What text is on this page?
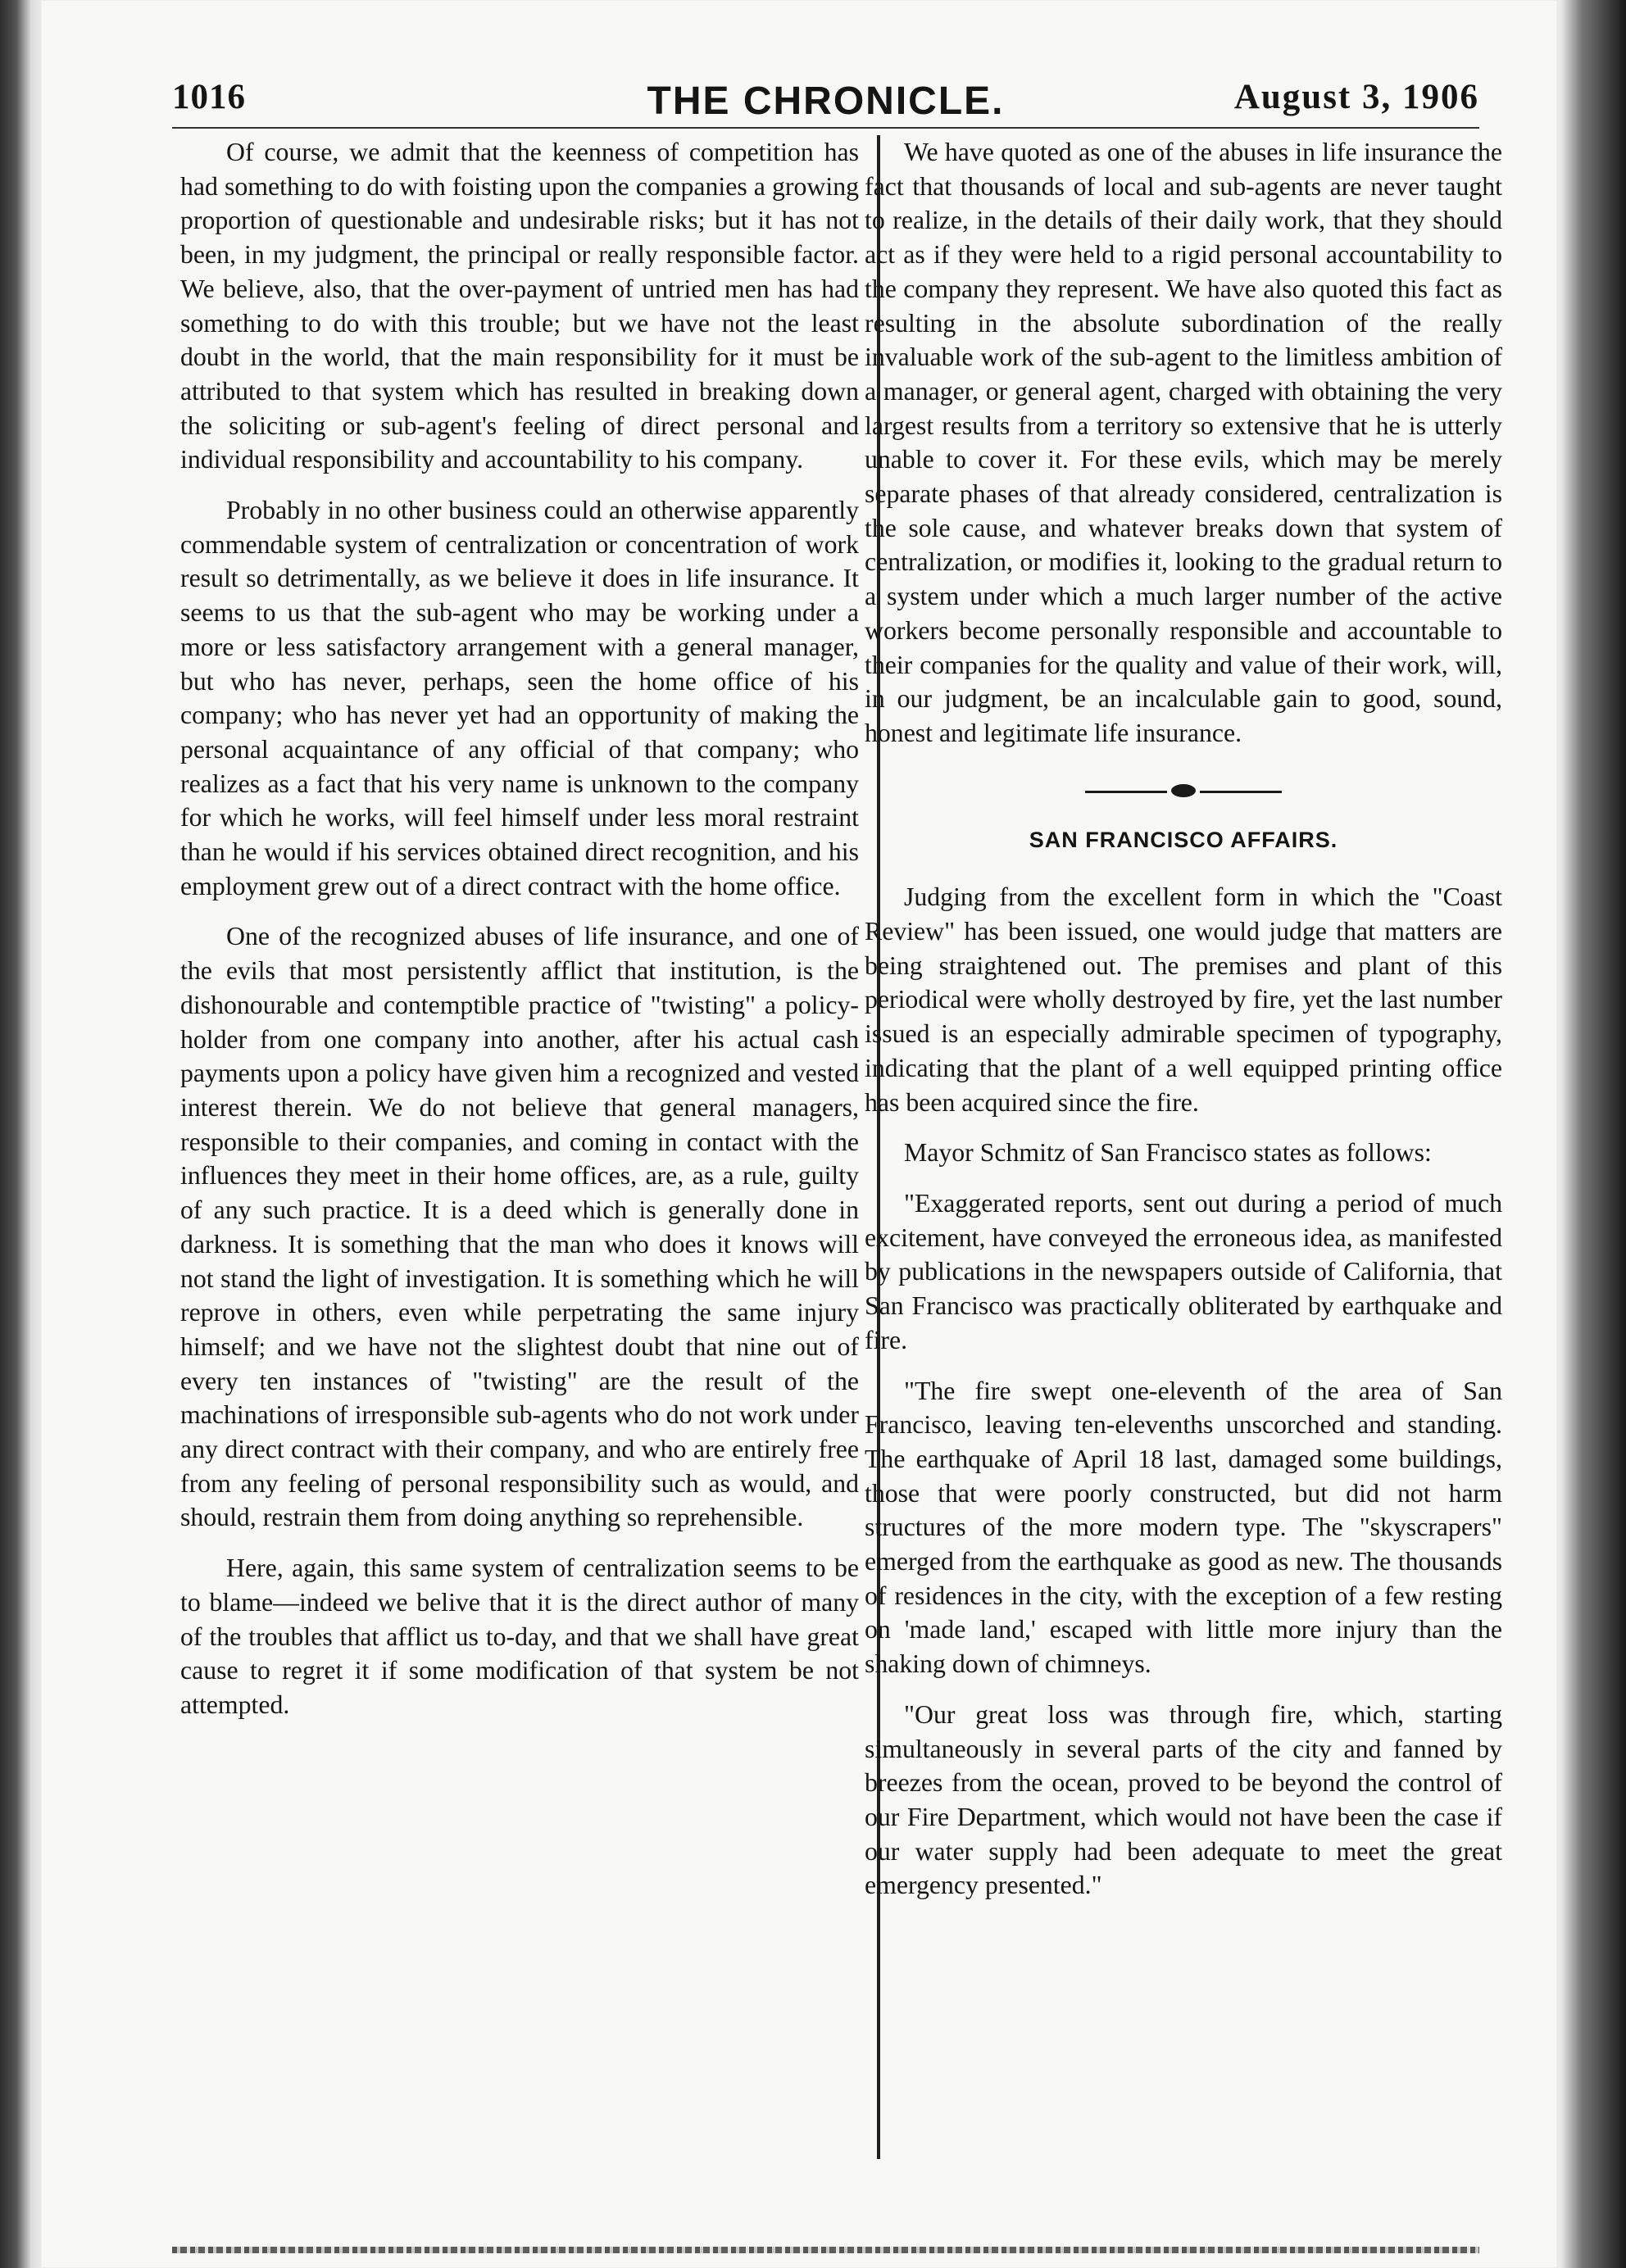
1016	THE CHRONICLE.	August 3, 1906

Of course, we admit that the keenness of competition has had something to do with foisting upon the companies a growing proportion of questionable and undesirable risks; but it has not been, in my judgment, the principal or really responsible factor. We believe, also, that the over-payment of untried men has had something to do with this trouble; but we have not the least doubt in the world, that the main responsibility for it must be attributed to that system which has resulted in breaking down the soliciting or sub-agent's feeling of direct personal and individual responsibility and accountability to his company.

Probably in no other business could an otherwise apparently commendable system of centralization or concentration of work result so detrimentally, as we believe it does in life insurance. It seems to us that the sub-agent who may be working under a more or less satisfactory arrangement with a general manager, but who has never, perhaps, seen the home office of his company; who has never yet had an opportunity of making the personal acquaintance of any official of that company; who realizes as a fact that his very name is unknown to the company for which he works, will feel himself under less moral restraint than he would if his services obtained direct recognition, and his employment grew out of a direct contract with the home office.

One of the recognized abuses of life insurance, and one of the evils that most persistently afflict that institution, is the dishonourable and contemptible practice of "twisting" a policy-holder from one company into another, after his actual cash payments upon a policy have given him a recognized and vested interest therein. We do not believe that general managers, responsible to their companies, and coming in contact with the influences they meet in their home offices, are, as a rule, guilty of any such practice. It is a deed which is generally done in darkness. It is something that the man who does it knows will not stand the light of investigation. It is something which he will reprove in others, even while perpetrating the same injury himself; and we have not the slightest doubt that nine out of every ten instances of "twisting" are the result of the machinations of irresponsible sub-agents who do not work under any direct contract with their company, and who are entirely free from any feeling of personal responsibility such as would, and should, restrain them from doing anything so reprehensible.

Here, again, this same system of centralization seems to be to blame—indeed we belive that it is the direct author of many of the troubles that afflict us to-day, and that we shall have great cause to regret it if some modification of that system be not attempted.

We have quoted as one of the abuses in life insurance the fact that thousands of local and sub-agents are never taught to realize, in the details of their daily work, that they should act as if they were held to a rigid personal accountability to the company they represent. We have also quoted this fact as resulting in the absolute subordination of the really invaluable work of the sub-agent to the limitless ambition of a manager, or general agent, charged with obtaining the very largest results from a territory so extensive that he is utterly unable to cover it. For these evils, which may be merely separate phases of that already considered, centralization is the sole cause, and whatever breaks down that system of centralization, or modifies it, looking to the gradual return to a system under which a much larger number of the active workers become personally responsible and accountable to their companies for the quality and value of their work, will, in our judgment, be an incalculable gain to good, sound, honest and legitimate life insurance.

SAN FRANCISCO AFFAIRS.

Judging from the excellent form in which the "Coast Review" has been issued, one would judge that matters are being straightened out. The premises and plant of this periodical were wholly destroyed by fire, yet the last number issued is an especially admirable specimen of typography, indicating that the plant of a well equipped printing office has been acquired since the fire.

Mayor Schmitz of San Francisco states as follows:

"Exaggerated reports, sent out during a period of much excitement, have conveyed the erroneous idea, as manifested by publications in the newspapers outside of California, that San Francisco was practically obliterated by earthquake and fire.

"The fire swept one-eleventh of the area of San Francisco, leaving ten-elevenths unscorched and standing. The earthquake of April 18 last, damaged some buildings, those that were poorly constructed, but did not harm structures of the more modern type. The "skyscrapers" emerged from the earthquake as good as new. The thousands of residences in the city, with the exception of a few resting on 'made land,' escaped with little more injury than the shaking down of chimneys.

"Our great loss was through fire, which, starting simultaneously in several parts of the city and fanned by breezes from the ocean, proved to be beyond the control of our Fire Department, which would not have been the case if our water supply had been adequate to meet the great emergency presented."
